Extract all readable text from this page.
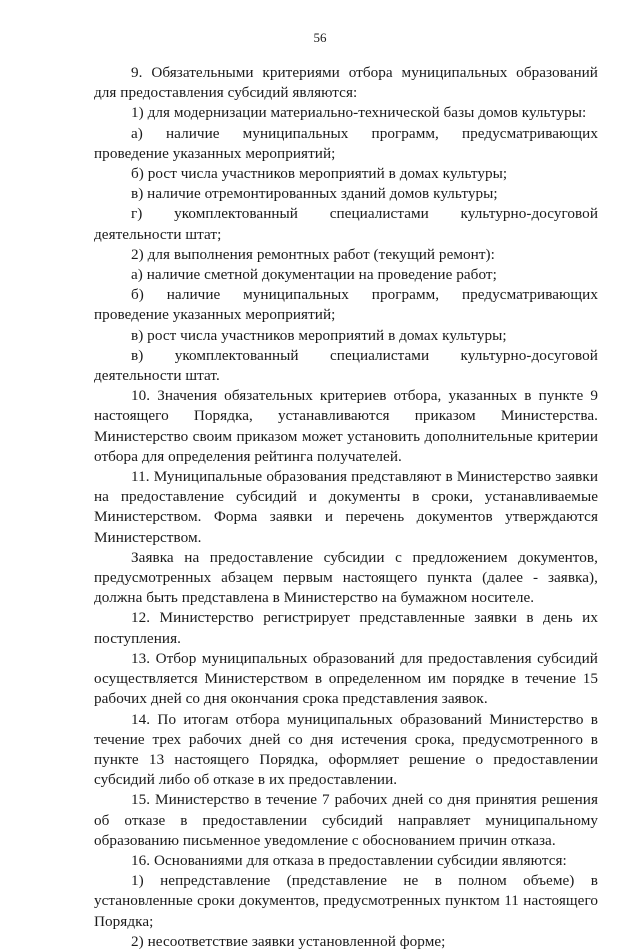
56

9. Обязательными критериями отбора муниципальных образований для предоставления субсидий являются:

1) для модернизации материально-технической базы домов культуры:

а) наличие муниципальных программ, предусматривающих проведение указанных мероприятий;

б) рост числа участников мероприятий в домах культуры;

в) наличие отремонтированных зданий домов культуры;

г) укомплектованный специалистами культурно-досуговой деятельности штат;

2) для выполнения ремонтных работ (текущий ремонт):

а) наличие сметной документации на проведение работ;

б) наличие муниципальных программ, предусматривающих проведение указанных мероприятий;

в) рост числа участников мероприятий в домах культуры;

в) укомплектованный специалистами культурно-досуговой деятельности штат.

10. Значения обязательных критериев отбора, указанных в пункте 9 настоящего Порядка, устанавливаются приказом Министерства. Министерство своим приказом может установить дополнительные критерии отбора для определения рейтинга получателей.

11. Муниципальные образования представляют в Министерство заявки на предоставление субсидий и документы в сроки, устанавливаемые Министерством. Форма заявки и перечень документов утверждаются Министерством.

Заявка на предоставление субсидии с предложением документов, предусмотренных абзацем первым настоящего пункта (далее - заявка), должна быть представлена в Министерство на бумажном носителе.

12. Министерство регистрирует представленные заявки в день их поступления.

13. Отбор муниципальных образований для предоставления субсидий осуществляется Министерством в определенном им порядке в течение 15 рабочих дней со дня окончания срока представления заявок.

14. По итогам отбора муниципальных образований Министерство в течение трех рабочих дней со дня истечения срока, предусмотренного в пункте 13 настоящего Порядка, оформляет решение о предоставлении субсидий либо об отказе в их предоставлении.

15. Министерство в течение 7 рабочих дней со дня принятия решения об отказе в предоставлении субсидий направляет муниципальному образованию письменное уведомление с обоснованием причин отказа.

16. Основаниями для отказа в предоставлении субсидии являются:

1) непредставление (представление не в полном объеме) в установленные сроки документов, предусмотренных пунктом 11 настоящего Порядка;

2) несоответствие заявки установленной форме;
